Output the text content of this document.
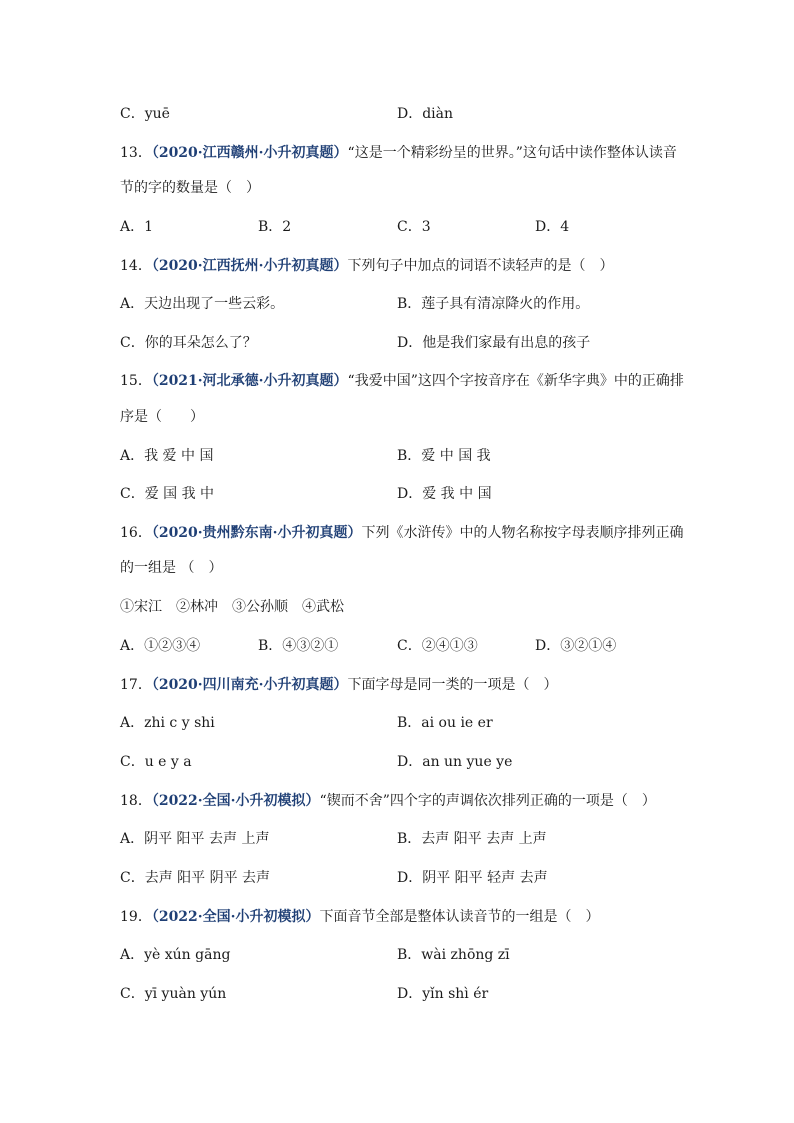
C．yuē	D．diàn
13．（2020·江西赣州·小升初真题）“这是一个精彩纷呈的世界。”这句话中读作整体认读音
节的字的数量是（　）
A．1	B．2	C．3	D．4
14．（2020·江西抚州·小升初真题）下列句子中加点的词语不读轻声的是（　）
A．天边出现了一些云彩。	B．莲子具有清凉降火的作用。
C．你的耳朵怎么了？	D．他是我们家最有出息的孩子
15．（2021·河北承德·小升初真题）“我爱中国”这四个字按音序在《新华字典》中的正确排
序是（　　）
A．我 爱 中 国	B．爱 中 国 我
C．爱 国 我 中	D．爱 我 中 国
16．（2020·贵州黔东南·小升初真题）下列《水浒传》中的人物名称按字母表顺序排列正确
的一组是 （　）
①宋江　②林冲　③公孙顺　④武松
A．①②③④	B．④③②①	C．②④①③	D．③②①④
17．（2020·四川南充·小升初真题）下面字母是同一类的一项是（　）
A．zhi c y shi	B．ai ou ie er
C．u e y a	D．an un yue ye
18．（2022·全国·小升初模拟）“锲而不舍”四个字的声调依次排列正确的一项是（　）
A．阴平 阳平 去声 上声	B．去声 阳平 去声 上声
C．去声 阳平 阴平 去声	D．阴平 阳平 轻声 去声
19．（2022·全国·小升初模拟）下面音节全部是整体认读音节的一组是（　）
A．yè xún gāng	B．wài zhōng zī
C．yī yuàn yún	D．yǐn shì ér
